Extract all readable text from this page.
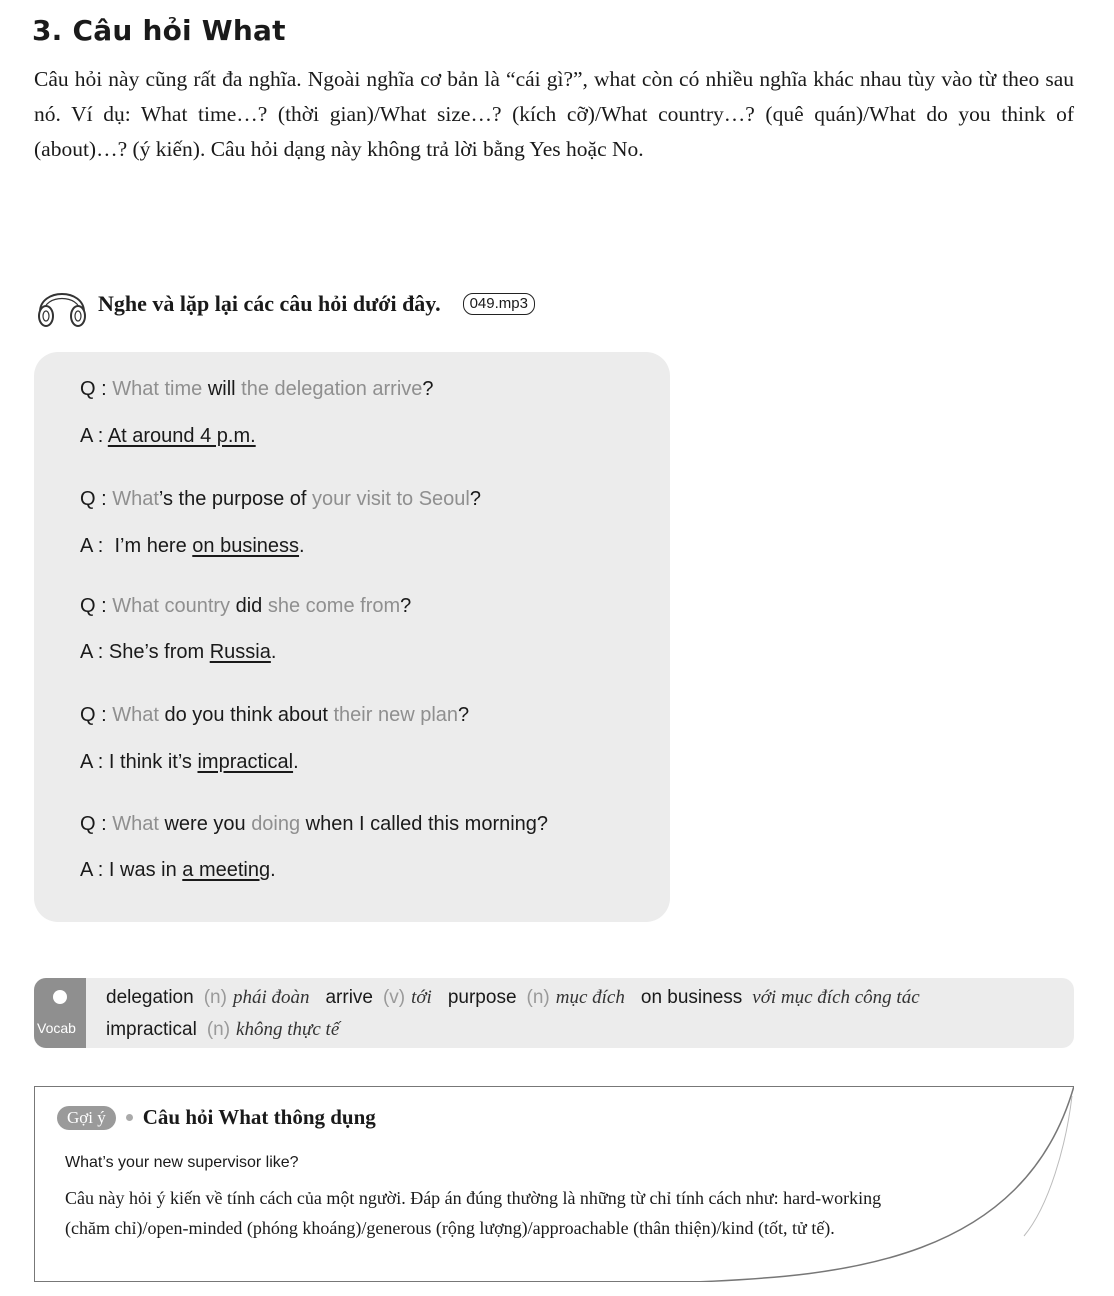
3. Câu hỏi What
Câu hỏi này cũng rất đa nghĩa. Ngoài nghĩa cơ bản là “cái gì?”, what còn có nhiều nghĩa khác nhau tùy vào từ theo sau nó. Ví dụ: What time…? (thời gian)/What size…? (kích cỡ)/What country…? (quê quán)/What do you think of (about)…? (ý kiến). Câu hỏi dạng này không trả lời bằng Yes hoặc No.
Nghe và lặp lại các câu hỏi dưới đây.	049.mp3
Q : What time will the delegation arrive?
A : At around 4 p.m.
Q : What’s the purpose of your visit to Seoul?
A :  I’m here on business.
Q : What country did she come from?
A : She’s from Russia.
Q : What do you think about their new plan?
A : I think it’s impractical.
Q : What were you doing when I called this morning?
A : I was in a meeting.
Vocab
delegation (n) phái đoàn arrive (v) tới purpose (n) mục đích on business với mục đích công tác
impractical (n) không thực tế
Gợi ý	Câu hỏi What thông dụng
What’s your new supervisor like?
Câu này hỏi ý kiến về tính cách của một người. Đáp án đúng thường là những từ chỉ tính cách như: hard-working (chăm chỉ)/open-minded (phóng khoáng)/generous (rộng lượng)/approachable (thân thiện)/kind (tốt, tử tế).
